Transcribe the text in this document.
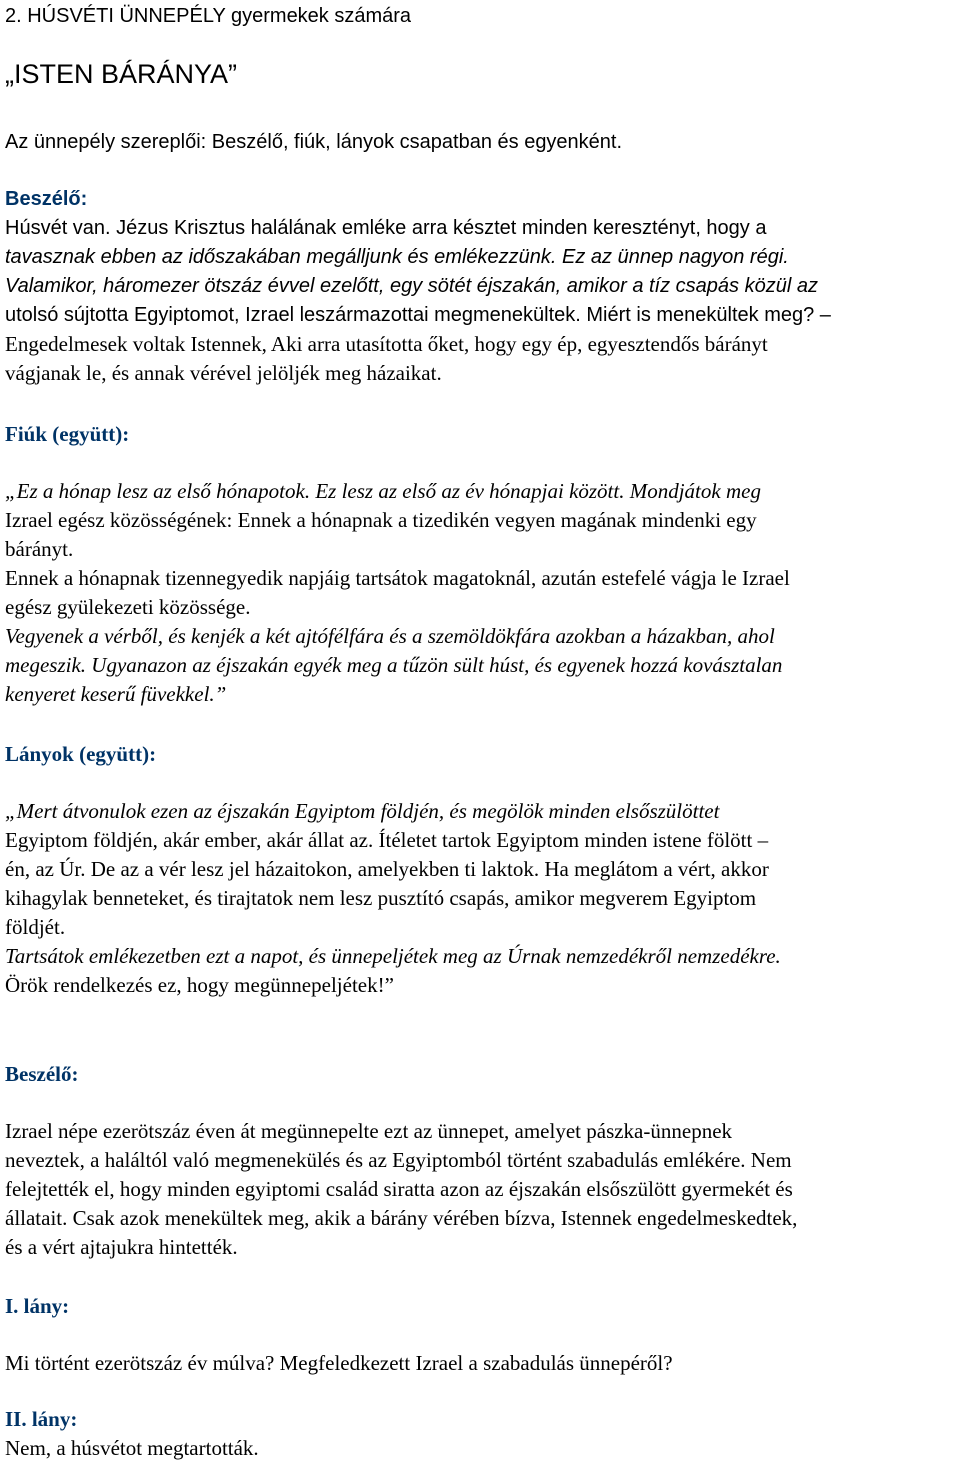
2. HÚSVÉTI ÜNNEPÉLY gyermekek számára
„ISTEN BÁRÁNYA”
Az ünnepély szereplői: Beszélő, fiúk, lányok csapatban és egyenként.
Beszélő:
Húsvét van. Jézus Krisztus halálának emléke arra késztet minden keresztényt, hogy a
tavasznak ebben az időszakában megálljunk és emlékezzünk. Ez az ünnep nagyon régi.
Valamikor, háromezer ötszáz évvel ezelőtt, egy sötét éjszakán, amikor a tíz csapás közül az
utolsó sújtotta Egyiptomot, Izrael leszármazottai megmenekültek. Miért is menekültek meg? –
Engedelmesek voltak Istennek, Aki arra utasította őket, hogy egy ép, egyesztendős bárányt
vágjanak le, és annak vérével jelöljék meg házaikat.
Fiúk (együtt):
„Ez a hónap lesz az első hónapotok. Ez lesz az első az év hónapjai között. Mondjátok meg
Izrael egész közösségének: Ennek a hónapnak a tizedikén vegyen magának mindenki egy
bárányt.
Ennek a hónapnak tizennegyedik napjáig tartsátok magatoknál, azután estefelé vágja le Izrael
egész gyülekezeti közössége.
Vegyenek a vérből, és kenjék a két ajtófélfára és a szemöldökfára azokban a házakban, ahol
megeszik. Ugyanazon az éjszakán egyék meg a tűzön sült húst, és egyenek hozzá kovásztalan
kenyeret keserű füvekkel.”
Lányok (együtt):
„Mert átvonulok ezen az éjszakán Egyiptom földjén, és megölök minden elsőszülöttet
Egyiptom földjén, akár ember, akár állat az. Ítéletet tartok Egyiptom minden istene fölött –
én, az Úr. De az a vér lesz jel házaitokon, amelyekben ti laktok. Ha meglátom a vért, akkor
kihagylak benneteket, és tirajtatok nem lesz pusztító csapás, amikor megverem Egyiptom
földjét.
Tartsátok emlékezetben ezt a napot, és ünnepeljétek meg az Úrnak nemzedékről nemzedékre.
Örök rendelkezés ez, hogy megünnepeljétek!”
Beszélő:
Izrael népe ezerötszáz éven át megünnepelte ezt az ünnepet, amelyet pászka-ünnepnek
neveztek, a haláltól való megmenekülés és az Egyiptomból történt szabadulás emlékére. Nem
felejtették el, hogy minden egyiptomi család siratta azon az éjszakán elsőszülött gyermekét és
állatait. Csak azok menekültek meg, akik a bárány vérében bízva, Istennek engedelmeskedtek,
és a vért ajtajukra hintették.
I. lány:
Mi történt ezerötszáz év múlva? Megfeledkezett Izrael a szabadulás ünnepéről?
II. lány:
Nem, a húsvétot megtartották.
